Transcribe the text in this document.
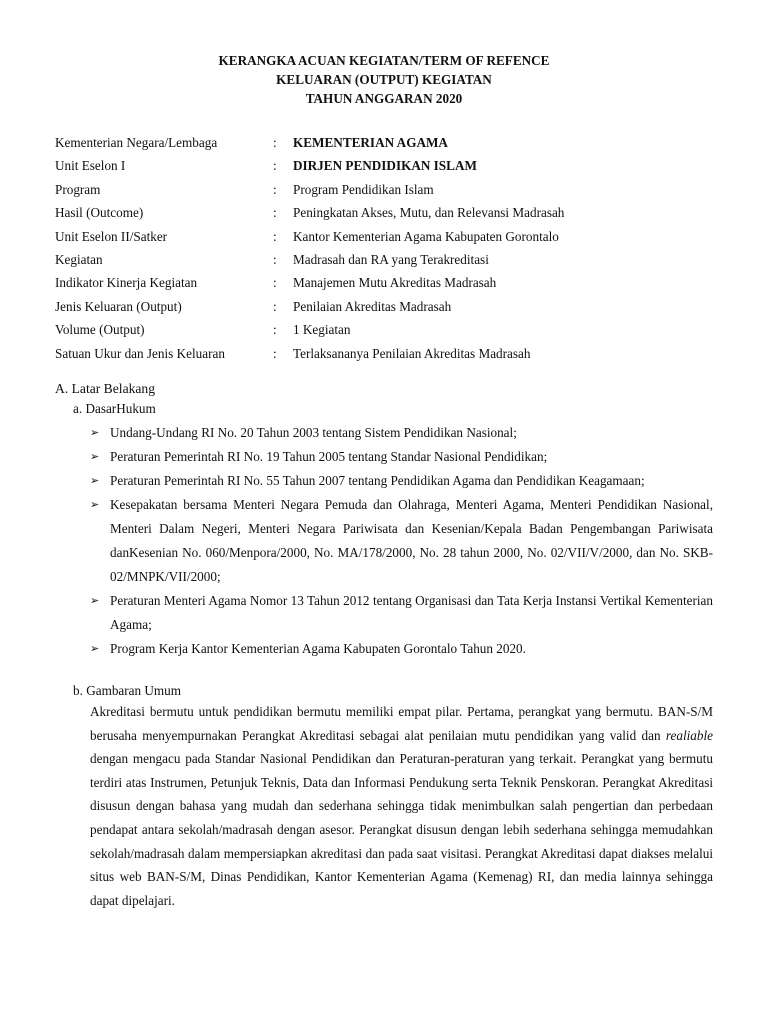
KERANGKA ACUAN KEGIATAN/TERM OF REFENCE
KELUARAN (OUTPUT) KEGIATAN
TAHUN ANGGARAN 2020
Kementerian Negara/Lembaga	:	KEMENTERIAN AGAMA
Unit Eselon I	:	DIRJEN PENDIDIKAN ISLAM
Program	:	Program Pendidikan Islam
Hasil (Outcome)	:	Peningkatan Akses, Mutu, dan Relevansi Madrasah
Unit Eselon II/Satker	:	Kantor Kementerian Agama Kabupaten Gorontalo
Kegiatan	:	Madrasah dan RA yang Terakreditasi
Indikator Kinerja Kegiatan	:	Manajemen Mutu Akreditas Madrasah
Jenis Keluaran (Output)	:	Penilaian Akreditas Madrasah
Volume (Output)	:	1 Kegiatan
Satuan Ukur dan Jenis Keluaran	:	Terlaksananya Penilaian Akreditas Madrasah
A. Latar Belakang
a. DasarHukum
➢ Undang-Undang RI No. 20 Tahun 2003 tentang Sistem Pendidikan Nasional;
➢ Peraturan Pemerintah RI No. 19 Tahun 2005 tentang Standar Nasional Pendidikan;
➢ Peraturan Pemerintah RI No. 55 Tahun 2007 tentang Pendidikan Agama dan Pendidikan Keagamaan;
➢ Kesepakatan bersama Menteri Negara Pemuda dan Olahraga, Menteri Agama, Menteri Pendidikan Nasional, Menteri Dalam Negeri, Menteri Negara Pariwisata dan Kesenian/Kepala Badan Pengembangan Pariwisata danKesenian No. 060/Menpora/2000, No. MA/178/2000, No. 28 tahun 2000, No. 02/VII/V/2000, dan No. SKB-02/MNPK/VII/2000;
➢ Peraturan Menteri Agama Nomor 13 Tahun 2012 tentang Organisasi dan Tata Kerja Instansi Vertikal Kementerian Agama;
➢ Program Kerja Kantor Kementerian Agama Kabupaten Gorontalo Tahun 2020.
b. Gambaran Umum

Akreditasi bermutu untuk pendidikan bermutu memiliki empat pilar. Pertama, perangkat yang bermutu. BAN-S/M berusaha menyempurnakan Perangkat Akreditasi sebagai alat penilaian mutu pendidikan yang valid dan realiable dengan mengacu pada Standar Nasional Pendidikan dan Peraturan-peraturan yang terkait. Perangkat yang bermutu terdiri atas Instrumen, Petunjuk Teknis, Data dan Informasi Pendukung serta Teknik Penskoran. Perangkat Akreditasi disusun dengan bahasa yang mudah dan sederhana sehingga tidak menimbulkan salah pengertian dan perbedaan pendapat antara sekolah/madrasah dengan asesor. Perangkat disusun dengan lebih sederhana sehingga memudahkan sekolah/madrasah dalam mempersiapkan akreditasi dan pada saat visitasi. Perangkat Akreditasi dapat diakses melalui situs web BAN-S/M, Dinas Pendidikan, Kantor Kementerian Agama (Kemenag) RI, dan media lainnya sehingga dapat dipelajari.
